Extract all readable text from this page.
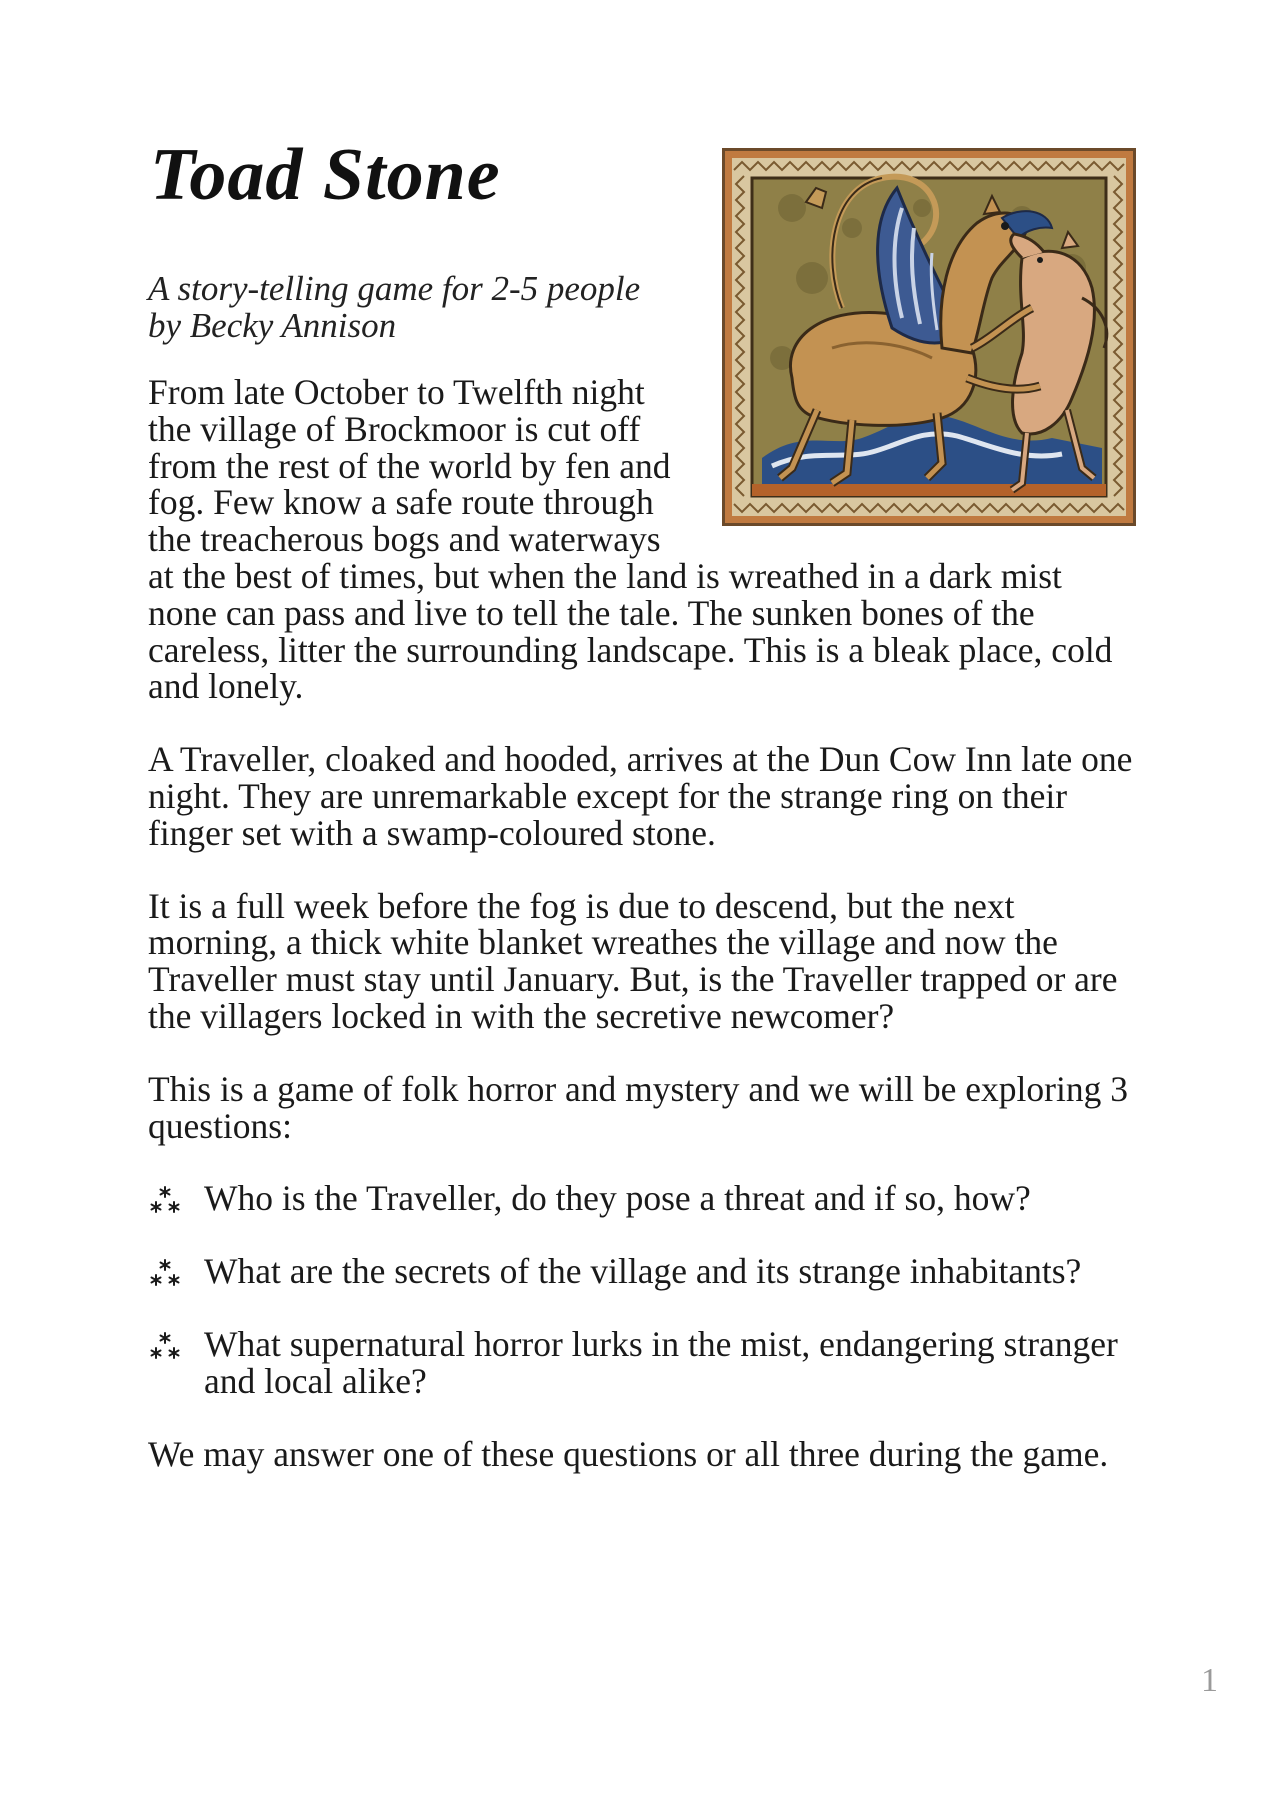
Toad Stone
A story-telling game for 2-5 people
by Becky Annison

From late October to Twelfth night the village of Brockmoor is cut off from the rest of the world by fen and fog. Few know a safe route through the treacherous bogs and waterways at the best of times, but when the land is wreathed in a dark mist none can pass and live to tell the tale. The sunken bones of the careless, litter the surrounding landscape. This is a bleak place, cold and lonely.

A Traveller, cloaked and hooded, arrives at the Dun Cow Inn late one night. They are unremarkable except for the strange ring on their finger set with a swamp-coloured stone.

It is a full week before the fog is due to descend, but the next morning, a thick white blanket wreathes the village and now the Traveller must stay until January. But, is the Traveller trapped or are the villagers locked in with the secretive newcomer?

This is a game of folk horror and mystery and we will be exploring 3 questions:

Who is the Traveller, do they pose a threat and if so, how?
What are the secrets of the village and its strange inhabitants?
What supernatural horror lurks in the mist, endangering stranger and local alike?

We may answer one of these questions or all three during the game.

1
